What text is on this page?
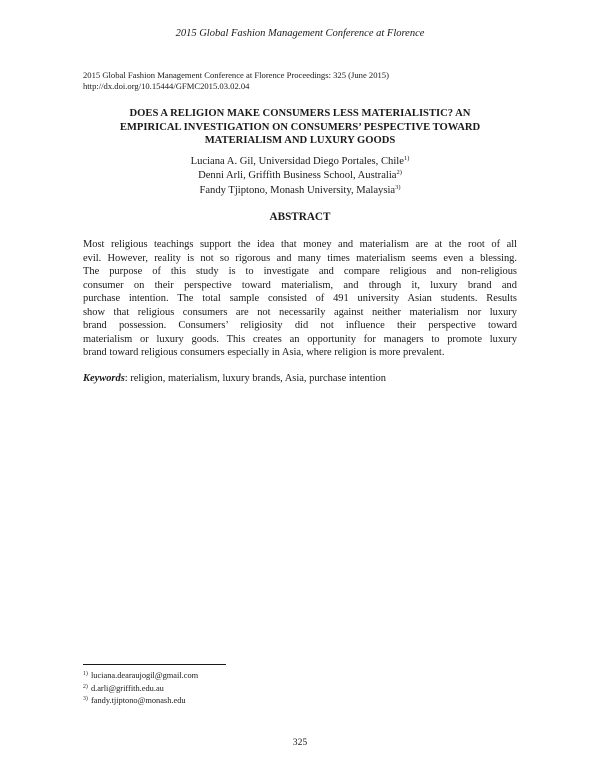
2015 Global Fashion Management Conference at Florence
2015 Global Fashion Management Conference at Florence Proceedings: 325 (June 2015)
http://dx.doi.org/10.15444/GFMC2015.03.02.04
DOES A RELIGION MAKE CONSUMERS LESS MATERIALISTIC? AN
EMPIRICAL INVESTIGATION ON CONSUMERS’ PESPECTIVE TOWARD
MATERIALISM AND LUXURY GOODS
Luciana A. Gil, Universidad Diego Portales, Chile$^{1)}$
Denni Arli, Griffith Business School, Australia$^{2)}$
Fandy Tjiptono, Monash University, Malaysia$^{3)}$
ABSTRACT
Most religious teachings support the idea that money and materialism are at the root of all
evil. However, reality is not so rigorous and many times materialism seems even a blessing.
The purpose of this study is to investigate and compare religious and non-religious
consumer on their perspective toward materialism, and through it, luxury brand and
purchase intention. The total sample consisted of 491 university Asian students. Results
show that religious consumers are not necessarily against neither materialism nor luxury
brand possession. Consumers’ religiosity did not influence their perspective toward
materialism or luxury goods. This creates an opportunity for managers to promote luxury
brand toward religious consumers especially in Asia, where religion is more prevalent.
Keywords: religion, materialism, luxury brands, Asia, purchase intention
$^{1)}$ luciana.dearaujogil@gmail.com
$^{2)}$ d.arli@griffith.edu.au
$^{3)}$ fandy.tjiptono@monash.edu
325
